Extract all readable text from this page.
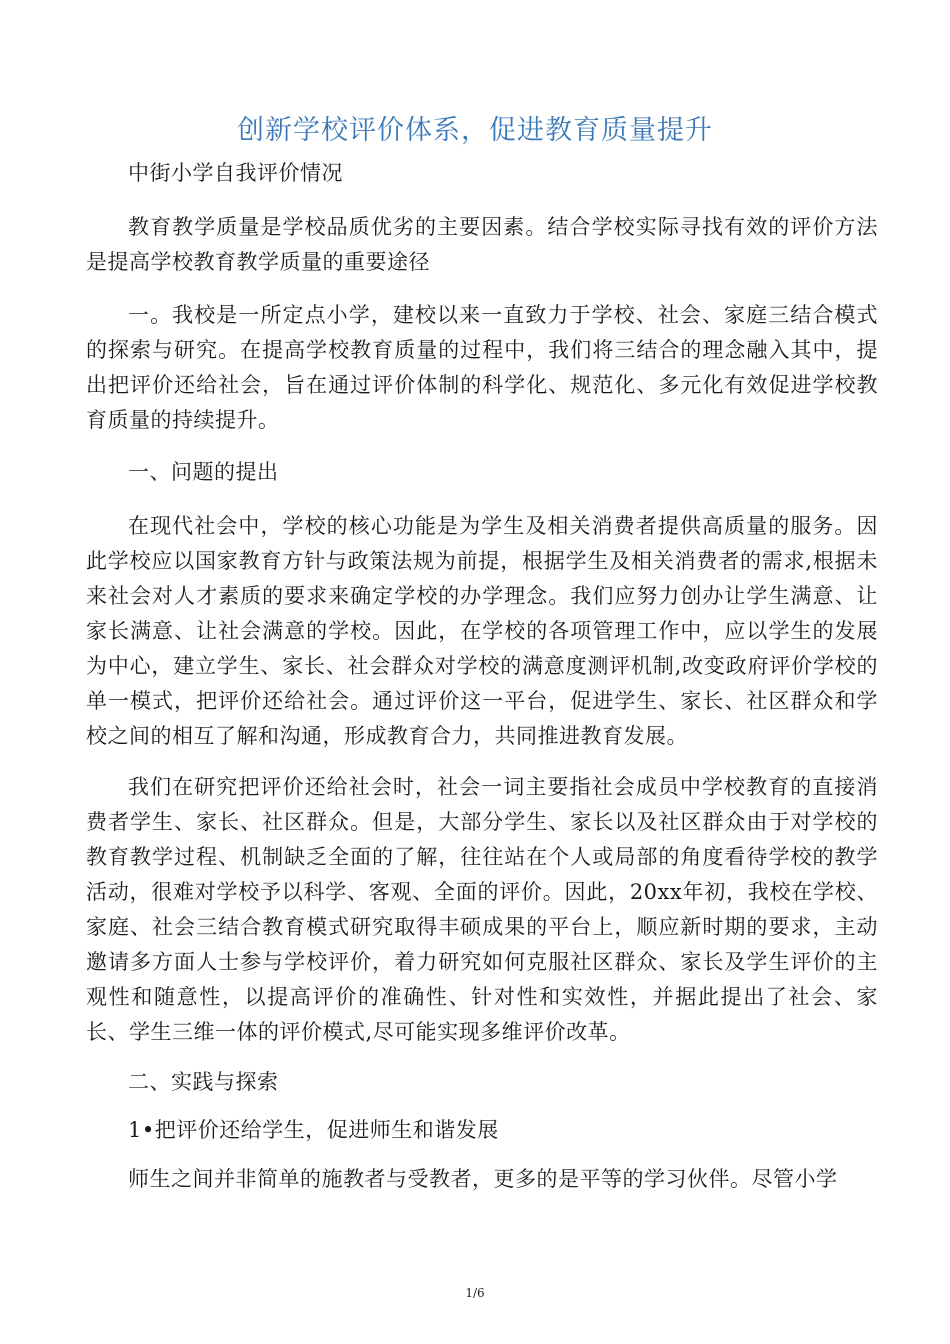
创新学校评价体系，促进教育质量提升

中街小学自我评价情况

教育教学质量是学校品质优劣的主要因素。结合学校实际寻找有效的评价方法是提高学校教育教学质量的重要途径

一。我校是一所定点小学，建校以来一直致力于学校、社会、家庭三结合模式的探索与研究。在提高学校教育质量的过程中，我们将三结合的理念融入其中，提出把评价还给社会，旨在通过评价体制的科学化、规范化、多元化有效促进学校教育质量的持续提升。

一、问题的提出

在现代社会中，学校的核心功能是为学生及相关消费者提供高质量的服务。因此学校应以国家教育方针与政策法规为前提，根据学生及相关消费者的需求,根据未来社会对人才素质的要求来确定学校的办学理念。我们应努力创办让学生满意、让家长满意、让社会满意的学校。因此，在学校的各项管理工作中，应以学生的发展为中心，建立学生、家长、社会群众对学校的满意度测评机制,改变政府评价学校的单一模式，把评价还给社会。通过评价这一平台，促进学生、家长、社区群众和学校之间的相互了解和沟通，形成教育合力，共同推进教育发展。

我们在研究把评价还给社会时，社会一词主要指社会成员中学校教育的直接消费者学生、家长、社区群众。但是，大部分学生、家长以及社区群众由于对学校的教育教学过程、机制缺乏全面的了解，往往站在个人或局部的角度看待学校的教学活动，很难对学校予以科学、客观、全面的评价。因此，20xx年初，我校在学校、家庭、社会三结合教育模式研究取得丰硕成果的平台上，顺应新时期的要求，主动邀请多方面人士参与学校评价，着力研究如何克服社区群众、家长及学生评价的主观性和随意性，以提高评价的准确性、针对性和实效性，并据此提出了社会、家长、学生三维一体的评价模式,尽可能实现多维评价改革。

二、实践与探索

1•把评价还给学生，促进师生和谐发展

师生之间并非简单的施教者与受教者，更多的是平等的学习伙伴。尽管小学

1/6
